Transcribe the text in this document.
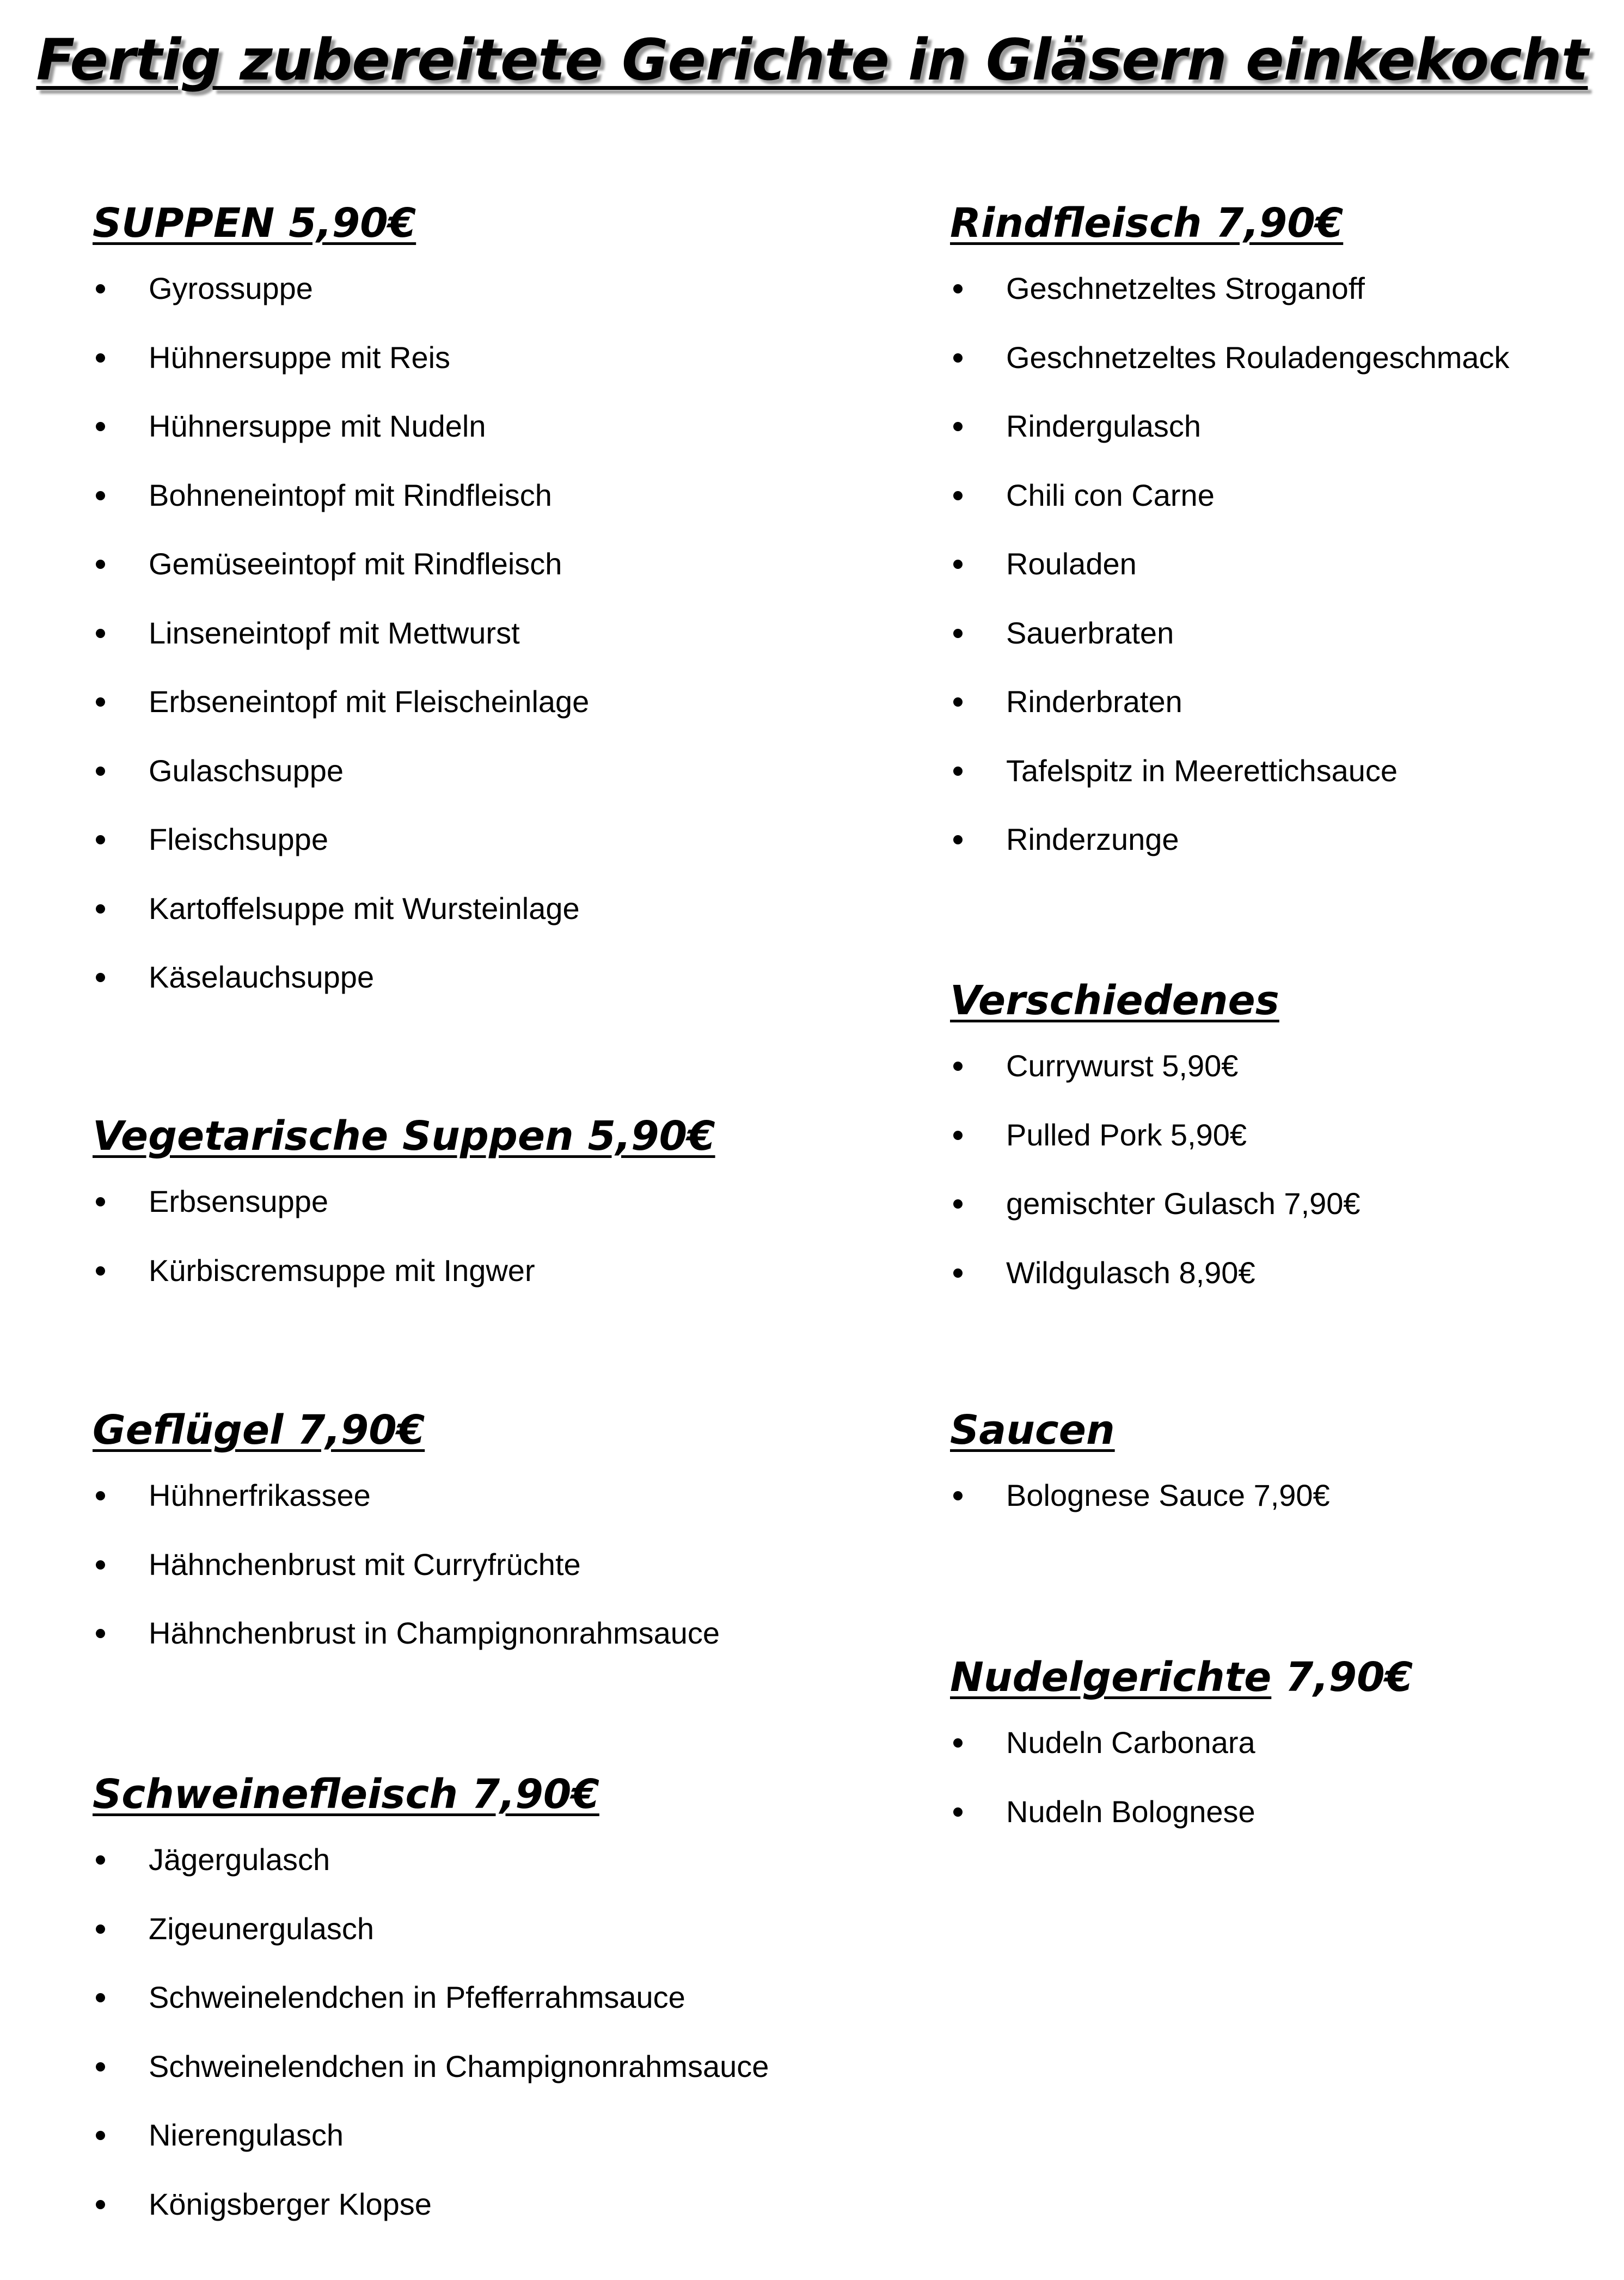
Fertig zubereitete Gerichte in Gläsern einkekocht
SUPPEN 5,90€
Gyrossuppe
Hühnersuppe mit Reis
Hühnersuppe mit Nudeln
Bohneneintopf mit Rindfleisch
Gemüseeintopf mit Rindfleisch
Linseneintopf mit Mettwurst
Erbseneintopf mit Fleischeinlage
Gulaschsuppe
Fleischsuppe
Kartoffelsuppe mit Wursteinlage
Käselauchsuppe
Vegetarische Suppen 5,90€
Erbsensuppe
Kürbiscremsuppe mit Ingwer
Geflügel 7,90€
Hühnerfrikassee
Hähnchenbrust mit Curryfrüchte
Hähnchenbrust in Champignonrahmsauce
Schweinefleisch 7,90€
Jägergulasch
Zigeunergulasch
Schweinelendchen in Pfefferrahmsauce
Schweinelendchen in Champignonrahmsauce
Nierengulasch
Königsberger Klopse
Rindfleisch 7,90€
Geschnetzeltes Stroganoff
Geschnetzeltes Rouladengeschmack
Rindergulasch
Chili con Carne
Rouladen
Sauerbraten
Rinderbraten
Tafelspitz in Meerettichsauce
Rinderzunge
Verschiedenes
Currywurst 5,90€
Pulled Pork 5,90€
gemischter Gulasch 7,90€
Wildgulasch 8,90€
Saucen
Bolognese Sauce 7,90€
Nudelgerichte 7,90€
Nudeln Carbonara
Nudeln Bolognese
